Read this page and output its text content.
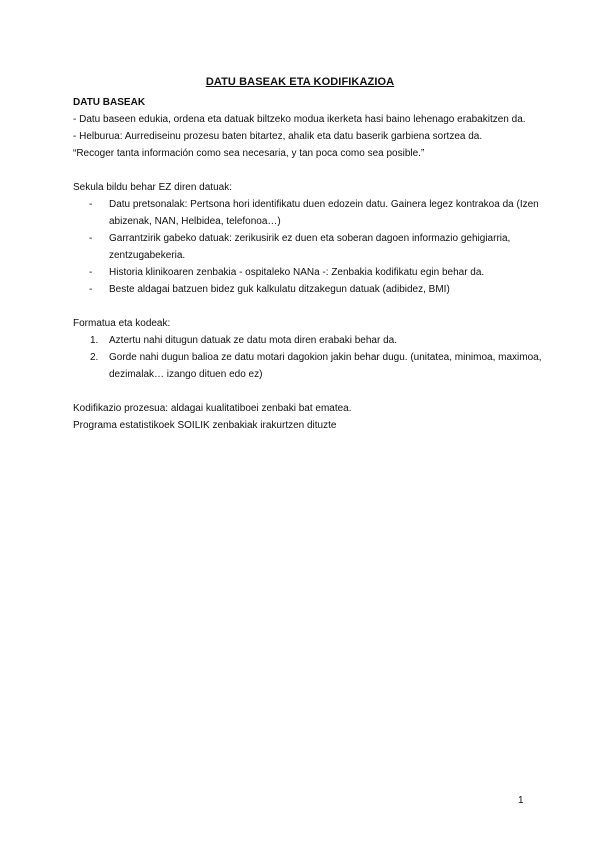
DATU BASEAK ETA KODIFIKAZIOA

DATU BASEAK

- Datu baseen edukia, ordena eta datuak biltzeko modua ikerketa hasi baino lehenago erabakitzen da.

- Helburua: Aurrediseinu prozesu baten bitartez, ahalik eta datu baserik garbiena sortzea da.

“Recoger tanta información como sea necesaria, y tan poca como sea posible.”

Sekula bildu behar EZ diren datuak:

- Datu pretsonalak: Pertsona hori identifikatu duen edozein datu. Gainera legez kontrakoa da (Izen abizenak, NAN, Helbidea, telefonoa…)
- Garrantzirik gabeko datuak: zerikusirik ez duen eta soberan dagoen informazio gehigiarria, zentzugabekeria.
- Historia klinikoaren zenbakia - ospitaleko NANa -: Zenbakia kodifikatu egin behar da.
- Beste aldagai batzuen bidez guk kalkulatu ditzakegun datuak (adibidez, BMI)

Formatua eta kodeak:

1. Aztertu nahi ditugun datuak ze datu mota diren erabaki behar da.
2. Gorde nahi dugun balioa ze datu motari dagokion jakin behar dugu. (unitatea, minimoa, maximoa, dezimalak… izango dituen edo ez)

Kodifikazio prozesua: aldagai kualitatiboei zenbaki bat ematea.

Programa estatistikoek SOILIK zenbakiak irakurtzen dituzte

1
